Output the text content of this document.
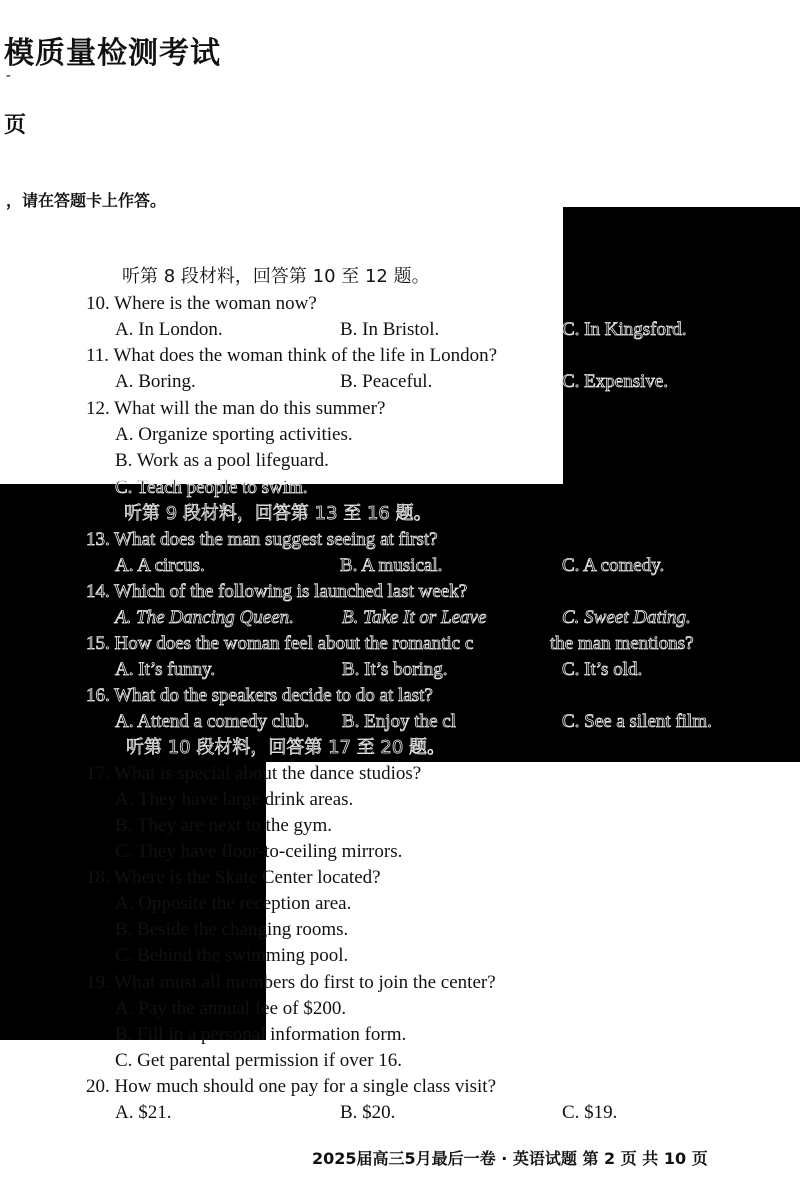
模质量检测考试
-
页
，请在答题卡上作答。
听第 8 段材料，回答第 10 至 12 题。
10. Where is the woman now?
A. In London.	B. In Bristol.	C. In Kingsford.
11. What does the woman think of the life in London?
A. Boring.	B. Peaceful.	C. Expensive.
12. What will the man do this summer?
A. Organize sporting activities.
B. Work as a pool lifeguard.
C. Teach people to swim.
听第 9 段材料，回答第 13 至 16 题。
13. What does the man suggest seeing at first?
A. A circus.	B. A musical.	C. A comedy.
14. Which of the following is launched last week?
A. The Dancing Queen.	B. Take It or Leave	C. Sweet Dating.
15. How does the woman feel about the romantic c	the man mentions?
A. It’s funny.	B. It’s boring.	C. It’s old.
16. What do the speakers decide to do at last?
A. Attend a comedy club. B. Enjoy the cl	C. See a silent film.
听第 10 段材料，回答第 17 至 20 题。
17. What is special about the dance studios?
A. They have large drink areas.
B. They are next to the gym.
C. They have floor-to-ceiling mirrors.
18. Where is the Skate Center located?
A. Opposite the reception area.
B. Beside the changing rooms.
C. Behind the swimming pool.
19. What must all members do first to join the center?
A. Pay the annual fee of $200.
B. Fill in a personal information form.
C. Get parental permission if over 16.
20. How much should one pay for a single class visit?
A. $21.	B. $20.	C. $19.
2025届高三5月最后一卷 · 英语试题 第 2 页 共 10 页
